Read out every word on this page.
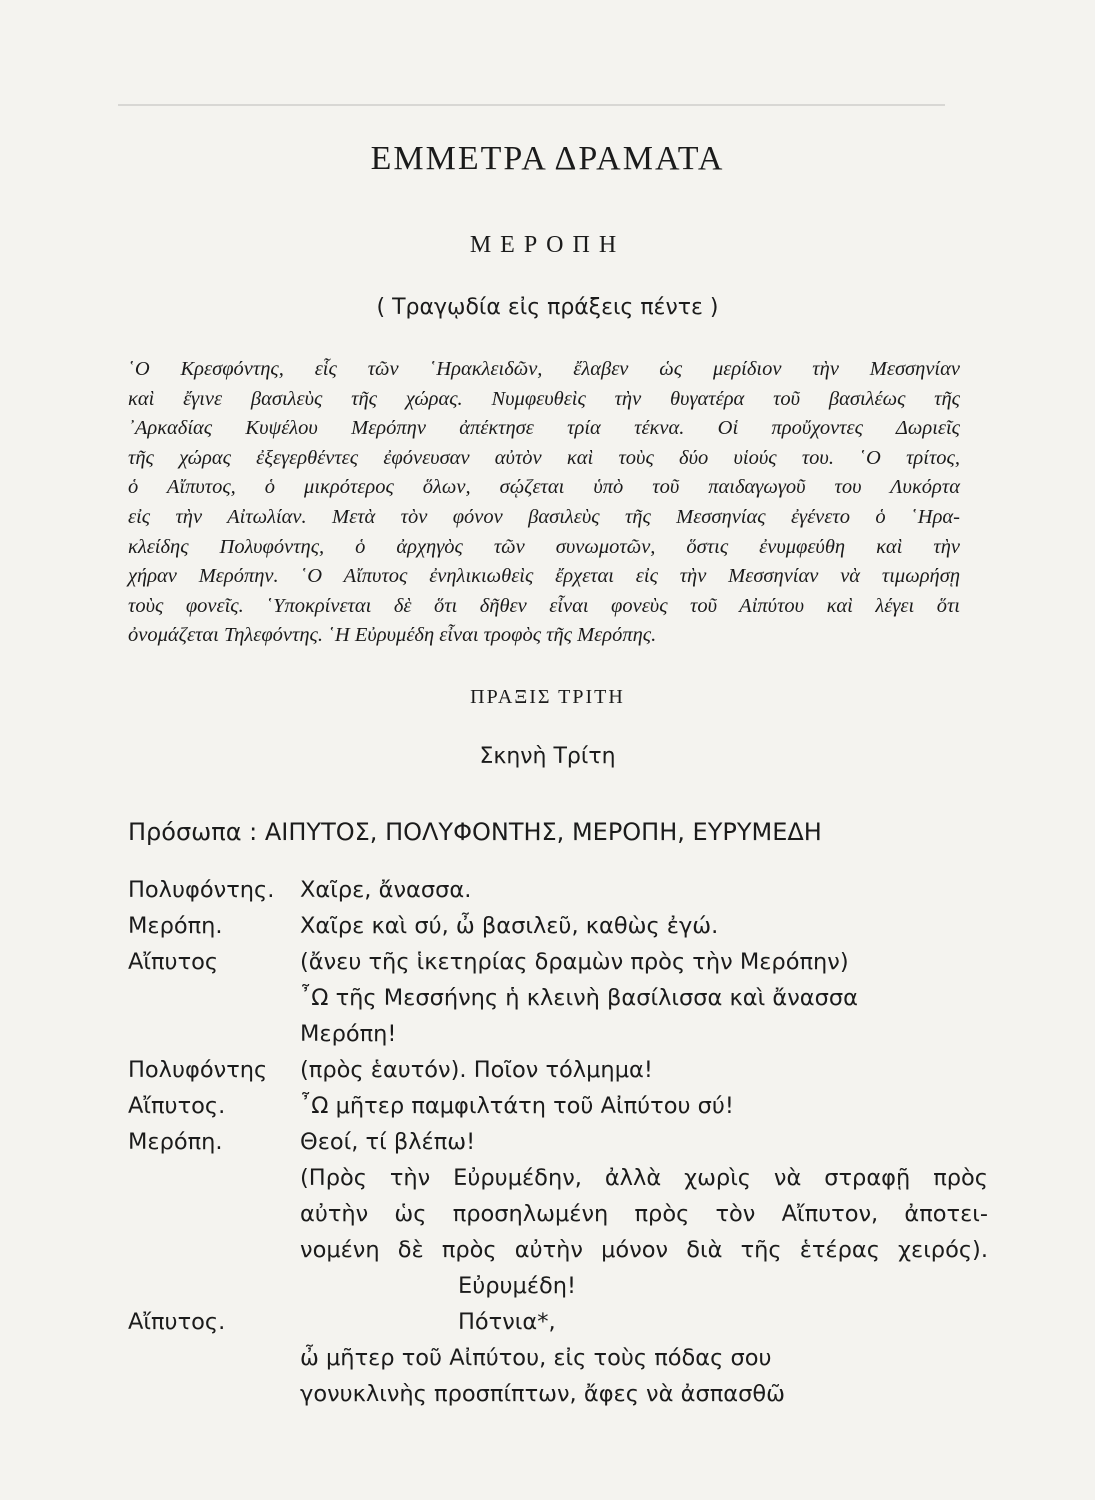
ΕΜΜΕΤΡΑ ΔΡΑΜΑΤΑ
ΜΕΡΟΠΗ
( Τραγῳδία εἰς πράξεις πέντε )

῾Ο Κρεσφόντης, εἷς τῶν ῾Ηρακλειδῶν, ἔλαβεν ὡς μερίδιον τὴν Μεσσηνίαν

καὶ ἔγινε βασιλεὺς τῆς χώρας. Νυμφευθεὶς τὴν θυγατέρα τοῦ βασιλέως τῆς

᾿Αρκαδίας Κυψέλου Μερόπην ἀπέκτησε τρία τέκνα. Οἱ προὔχοντες Δωριεῖς

τῆς χώρας ἐξεγερθέντες ἐφόνευσαν αὐτὸν καὶ τοὺς δύο υἱούς του. ῾Ο τρίτος,

ὁ Αἴπυτος, ὁ μικρότερος ὅλων, σῴζεται ὑπὸ τοῦ παιδαγωγοῦ του Λυκόρτα

εἰς τὴν Αἰτωλίαν. Μετὰ τὸν φόνον βασιλεὺς τῆς Μεσσηνίας ἐγένετο ὁ ῾Ηρα-

κλείδης Πολυφόντης, ὁ ἀρχηγὸς τῶν συνωμοτῶν, ὅστις ἐνυμφεύθη καὶ τὴν

χήραν Μερόπην. ῾Ο Αἴπυτος ἐνηλικιωθεὶς ἔρχεται εἰς τὴν Μεσσηνίαν νὰ τιμωρήσῃ

τοὺς φονεῖς. ῾Υποκρίνεται δὲ ὅτι δῆθεν εἶναι φονεὺς τοῦ Αἰπύτου καὶ λέγει ὅτι

ὀνομάζεται Τηλεφόντης. ῾Η Εὐρυμέδη εἶναι τροφὸς τῆς Μερόπης.

ΠΡΑΞΙΣ ΤΡΙΤΗ
Σκηνὴ Τρίτη
Πρόσωπα : ΑΙΠΥΤΟΣ, ΠΟΛΥΦΟΝΤΗΣ, ΜΕΡΟΠΗ, ΕΥΡΥΜΕΔΗ
Πολυφόντης.	Χαῖρε, ἄνασσα.
Μερόπη.	Χαῖρε καὶ σύ, ὦ βασιλεῦ, καθὼς ἐγώ.
Αἴπυτος	(ἄνευ τῆς ἱκετηρίας δραμὼν πρὸς τὴν Μερόπην)
῏Ω τῆς Μεσσήνης ἡ κλεινὴ βασίλισσα καὶ ἄνασσα
Μερόπη!
Πολυφόντης	(πρὸς ἑαυτόν). Ποῖον τόλμημα!
Αἴπυτος.	῏Ω μῆτερ παμφιλτάτη τοῦ Αἰπύτου σύ!
Μερόπη.	Θεοί, τί βλέπω!
(Πρὸς τὴν Εὐρυμέδην, ἀλλὰ χωρὶς νὰ στραφῇ πρὸς
αὐτὴν ὡς προσηλωμένη πρὸς τὸν Αἴπυτον, ἀποτει-
νομένη δὲ πρὸς αὐτὴν μόνον διὰ τῆς ἑτέρας χειρός).
Εὐρυμέδη!
Αἴπυτος.	Πότνια*,
ὦ μῆτερ τοῦ Αἰπύτου, εἰς τοὺς πόδας σου
γονυκλινὴς προσπίπτων, ἄφες νὰ ἀσπασθῶ
